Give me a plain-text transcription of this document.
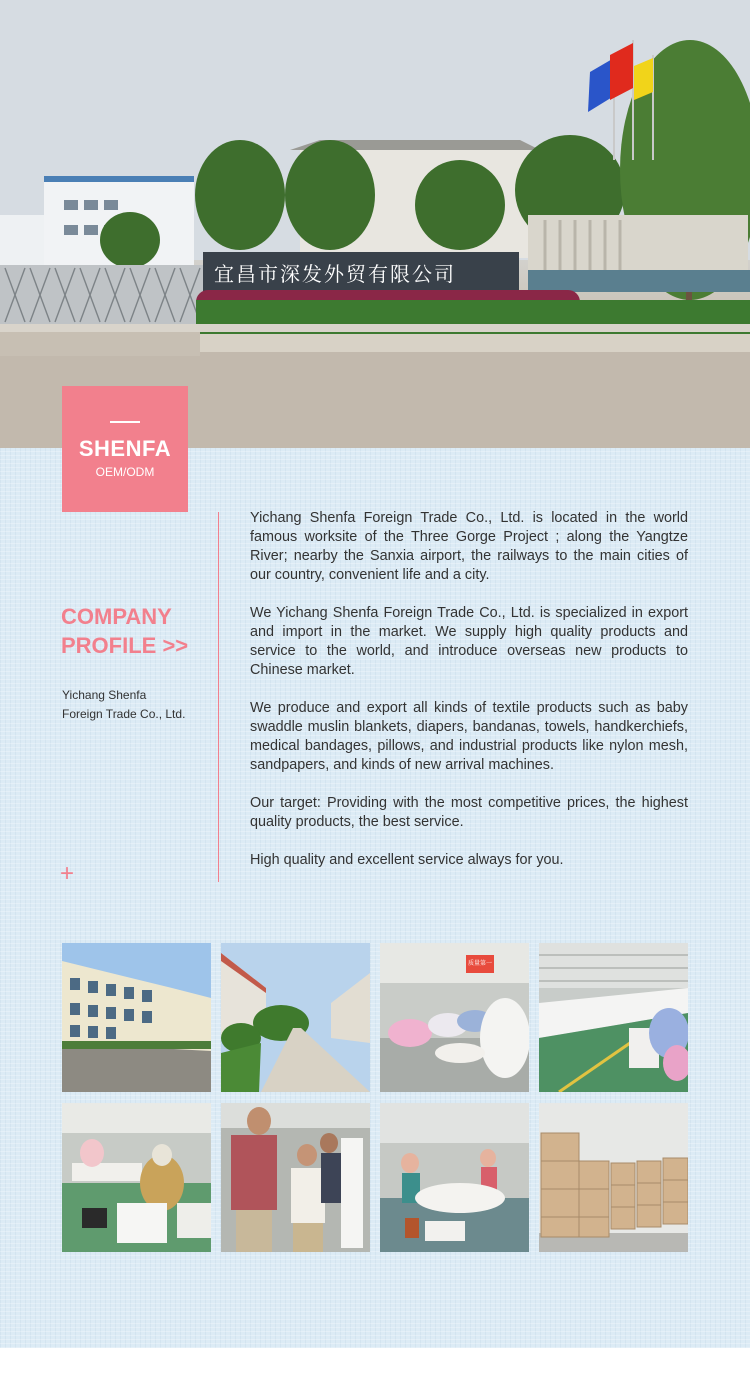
宜昌市深发外贸有限公司
SHENFA
OEM/ODM
COMPANY
PROFILE >>
Yichang Shenfa
Foreign Trade Co., Ltd.
+

Yichang Shenfa Foreign Trade Co., Ltd. is located in the world famous worksite of the Three Gorge Project ; along the Yangtze River; nearby the Sanxia airport, the railways to the main cities of our country, convenient life and a city.

We Yichang Shenfa Foreign Trade Co., Ltd. is specialized in export and import in the market. We supply high quality products and service to the world, and introduce overseas new products to Chinese market.

We produce and export all kinds of textile products such as baby swaddle muslin blankets, diapers, bandanas, towels, handkerchiefs, medical bandages, pillows, and industrial products like nylon mesh, sandpapers, and kinds of new arrival machines.

Our target: Providing with the most competitive prices, the highest quality products, the best service.

High quality and excellent service always for you.

质量第一
